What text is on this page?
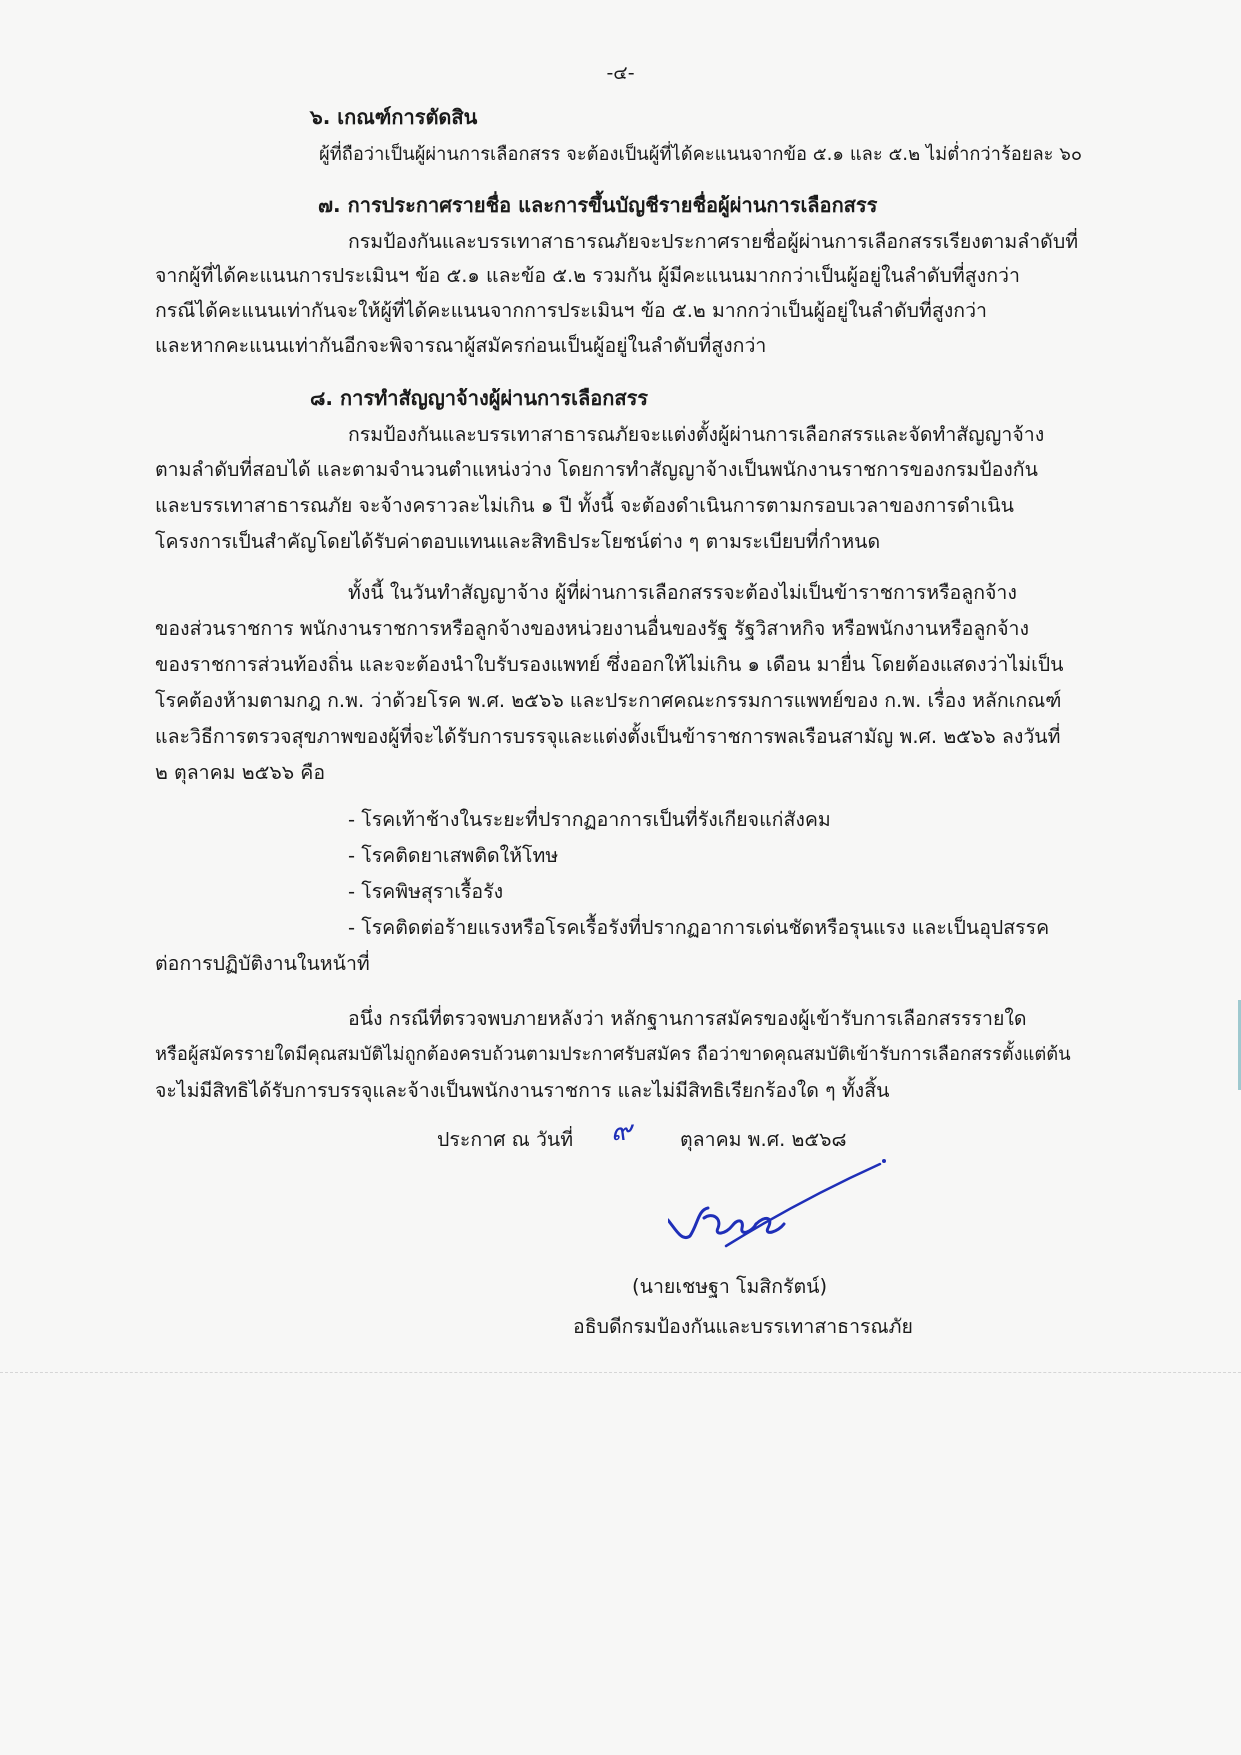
-๔-
๖. เกณฑ์การตัดสิน
ผู้ที่ถือว่าเป็นผู้ผ่านการเลือกสรร จะต้องเป็นผู้ที่ได้คะแนนจากข้อ ๕.๑ และ ๕.๒ ไม่ต่ำกว่าร้อยละ ๖๐
๗. การประกาศรายชื่อ และการขึ้นบัญชีรายชื่อผู้ผ่านการเลือกสรร
กรมป้องกันและบรรเทาสาธารณภัยจะประกาศรายชื่อผู้ผ่านการเลือกสรรเรียงตามลำดับที่
จากผู้ที่ได้คะแนนการประเมินฯ ข้อ ๕.๑ และข้อ ๕.๒ รวมกัน ผู้มีคะแนนมากกว่าเป็นผู้อยู่ในลำดับที่สูงกว่า
กรณีได้คะแนนเท่ากันจะให้ผู้ที่ได้คะแนนจากการประเมินฯ ข้อ ๕.๒ มากกว่าเป็นผู้อยู่ในลำดับที่สูงกว่า
และหากคะแนนเท่ากันอีกจะพิจารณาผู้สมัครก่อนเป็นผู้อยู่ในลำดับที่สูงกว่า
๘. การทำสัญญาจ้างผู้ผ่านการเลือกสรร
กรมป้องกันและบรรเทาสาธารณภัยจะแต่งตั้งผู้ผ่านการเลือกสรรและจัดทำสัญญาจ้าง
ตามลำดับที่สอบได้ และตามจำนวนตำแหน่งว่าง โดยการทำสัญญาจ้างเป็นพนักงานราชการของกรมป้องกัน
และบรรเทาสาธารณภัย จะจ้างคราวละไม่เกิน ๑ ปี ทั้งนี้ จะต้องดำเนินการตามกรอบเวลาของการดำเนิน
โครงการเป็นสำคัญโดยได้รับค่าตอบแทนและสิทธิประโยชน์ต่าง ๆ ตามระเบียบที่กำหนด
ทั้งนี้ ในวันทำสัญญาจ้าง ผู้ที่ผ่านการเลือกสรรจะต้องไม่เป็นข้าราชการหรือลูกจ้าง
ของส่วนราชการ พนักงานราชการหรือลูกจ้างของหน่วยงานอื่นของรัฐ รัฐวิสาหกิจ หรือพนักงานหรือลูกจ้าง
ของราชการส่วนท้องถิ่น และจะต้องนำใบรับรองแพทย์ ซึ่งออกให้ไม่เกิน ๑ เดือน มายื่น โดยต้องแสดงว่าไม่เป็น
โรคต้องห้ามตามกฎ ก.พ. ว่าด้วยโรค พ.ศ. ๒๕๖๖ และประกาศคณะกรรมการแพทย์ของ ก.พ. เรื่อง หลักเกณฑ์
และวิธีการตรวจสุขภาพของผู้ที่จะได้รับการบรรจุและแต่งตั้งเป็นข้าราชการพลเรือนสามัญ พ.ศ. ๒๕๖๖ ลงวันที่
๒ ตุลาคม ๒๕๖๖ คือ
- โรคเท้าช้างในระยะที่ปรากฏอาการเป็นที่รังเกียจแก่สังคม
- โรคติดยาเสพติดให้โทษ
- โรคพิษสุราเรื้อรัง
- โรคติดต่อร้ายแรงหรือโรคเรื้อรังที่ปรากฏอาการเด่นชัดหรือรุนแรง และเป็นอุปสรรค
ต่อการปฏิบัติงานในหน้าที่
อนึ่ง กรณีที่ตรวจพบภายหลังว่า หลักฐานการสมัครของผู้เข้ารับการเลือกสรรรายใด
หรือผู้สมัครรายใดมีคุณสมบัติไม่ถูกต้องครบถ้วนตามประกาศรับสมัคร ถือว่าขาดคุณสมบัติเข้ารับการเลือกสรรตั้งแต่ต้น
จะไม่มีสิทธิได้รับการบรรจุและจ้างเป็นพนักงานราชการ และไม่มีสิทธิเรียกร้องใด ๆ ทั้งสิ้น
ประกาศ ณ วันที่ ๙ ตุลาคม พ.ศ. ๒๕๖๘
(นายเชษฐา โมสิกรัตน์)
อธิบดีกรมป้องกันและบรรเทาสาธารณภัย
